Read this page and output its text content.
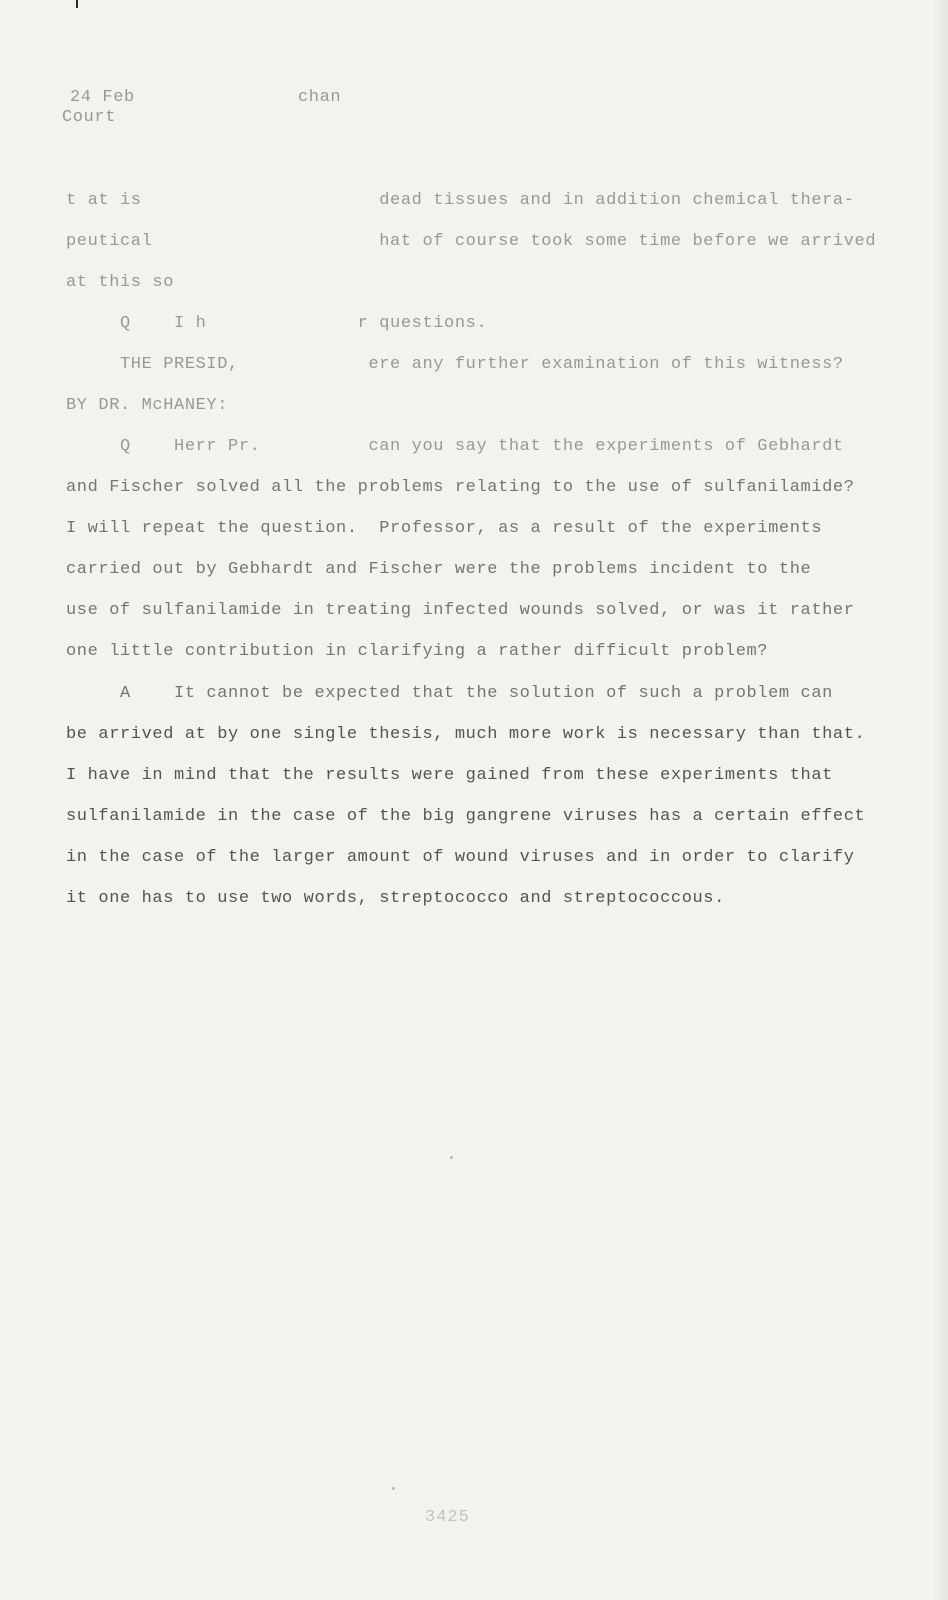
24 Feb	chan
Court
t at is                      dead tissues and in addition chemical thera-
peutical                     hat of course took some time before we arrived
at this so
Q    I h              r questions.
THE PRESID,            ere any further examination of this witness?
BY DR. McHANEY:
Q    Herr Pr.          can you say that the experiments of Gebhardt
and Fischer solved all the problems relating to the use of sulfanilamide?
I will repeat the question.  Professor, as a result of the experiments
carried out by Gebhardt and Fischer were the problems incident to the
use of sulfanilamide in treating infected wounds solved, or was it rather
one little contribution in clarifying a rather difficult problem?
A    It cannot be expected that the solution of such a problem can
be arrived at by one single thesis, much more work is necessary than that.
I have in mind that the results were gained from these experiments that
sulfanilamide in the case of the big gangrene viruses has a certain effect
in the case of the larger amount of wound viruses and in order to clarify
it one has to use two words, streptococco and streptococcous.
3425
